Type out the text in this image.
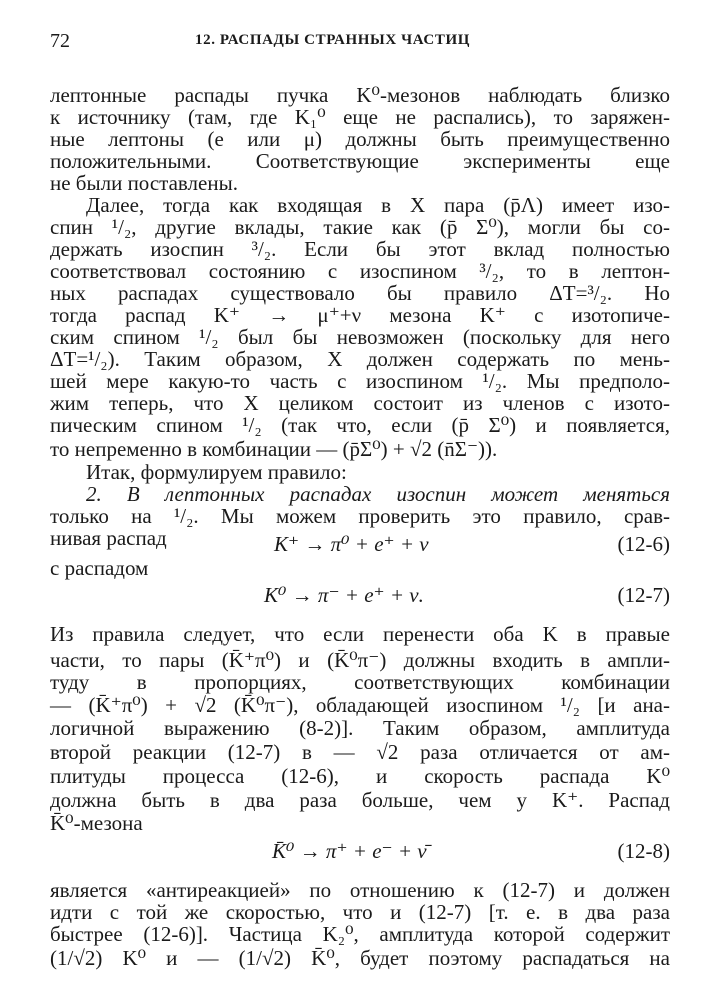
72	12. РАСПАДЫ СТРАННЫХ ЧАСТИЦ
лептонные распады пучка K⁰-мезонов наблюдать близко
к источнику (там, где K₁⁰ еще не распались), то заряжен-
ные лептоны (e или μ) должны быть преимущественно
положительными. Соответствующие эксперименты еще
не были поставлены.
Далее, тогда как входящая в X пара (p̄Λ) имеет изо-
спин ¹/₂, другие вклады, такие как (p̄ Σ⁰), могли бы со-
держать изоспин ³/₂. Если бы этот вклад полностью
соответствовал состоянию с изоспином ³/₂, то в лептон-
ных распадах существовало бы правило ΔT=³/₂. Но
тогда распад K⁺ → μ⁺+ν мезона K⁺ с изотопиче-
ским спином ¹/₂ был бы невозможен (поскольку для него
ΔT=¹/₂). Таким образом, X должен содержать по мень-
шей мере какую-то часть с изоспином ¹/₂. Мы предполо-
жим теперь, что X целиком состоит из членов с изото-
пическим спином ¹/₂ (так что, если (p̄ Σ⁰) и появляется,
то непременно в комбинации — (p̄Σ⁰) + √2 (n̄Σ⁻)).
Итак, формулируем правило:
2. В лептонных распадах изоспин может меняться
только на ¹/₂. Мы можем проверить это правило, срав-
нивая распад	K⁺ → π⁰ + e⁺ + ν	(12-6)
с распадом
K⁰ → π⁻ + e⁺ + ν.	(12-7)
Из правила следует, что если перенести оба K в правые
части, то пары (K̄⁺π⁰) и (K̄⁰π⁻) должны входить в ампли-
туду в пропорциях, соответствующих комбинации
— (K̄⁺π⁰) + √2 (K̄⁰π⁻), обладающей изоспином ¹/₂ [и ана-
логичной выражению (8-2)]. Таким образом, амплитуда
второй реакции (12-7) в — √2 раза отличается от ам-
плитуды процесса (12-6), и скорость распада K⁰
должна быть в два раза больше, чем у K⁺. Распад
K̄⁰-мезона
K̄⁰ → π⁺ + e⁻ + ν̄	(12-8)
является «антиреакцией» по отношению к (12-7) и должен
идти с той же скоростью, что и (12-7) [т. е. в два раза
быстрее (12-6)]. Частица K₂⁰, амплитуда которой содержит
(1/√2) K⁰ и — (1/√2) K̄⁰, будет поэтому распадаться на
